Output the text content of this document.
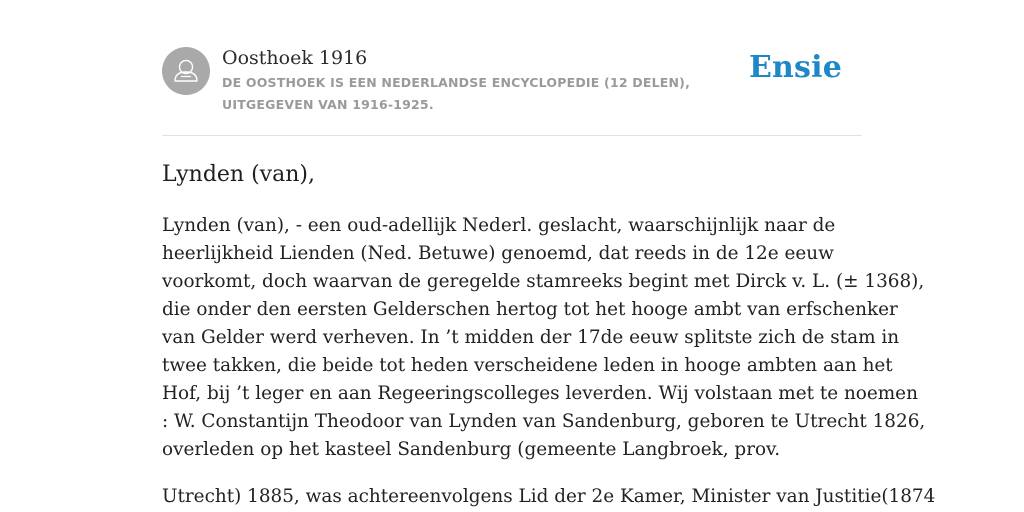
Oosthoek 1916
DE OOSTHOEK IS EEN NEDERLANDSE ENCYCLOPEDIE (12 DELEN), UITGEGEVEN VAN 1916-1925.
Ensie
Lynden (van),

Lynden (van), - een oud-adellijk Nederl. geslacht, waarschijnlijk naar de
heerlijkheid Lienden (Ned. Betuwe) genoemd, dat reeds in de 12e eeuw
voorkomt, doch waarvan de geregelde stamreeks begint met Dirck v. L. (± 1368),
die onder den eersten Gelderschen hertog tot het hooge ambt van erfschenker
van Gelder werd verheven. In ’t midden der 17de eeuw splitste zich de stam in
twee takken, die beide tot heden verscheidene leden in hooge ambten aan het
Hof, bij ’t leger en aan Regeeringscolleges leverden. Wij volstaan met te noemen
: W. Constantijn Theodoor van Lynden van Sandenburg, geboren te Utrecht 1826,
overleden op het kasteel Sandenburg (gemeente Langbroek, prov.

Utrecht) 1885, was achtereenvolgens Lid der 2e Kamer, Minister van Justitie(1874
